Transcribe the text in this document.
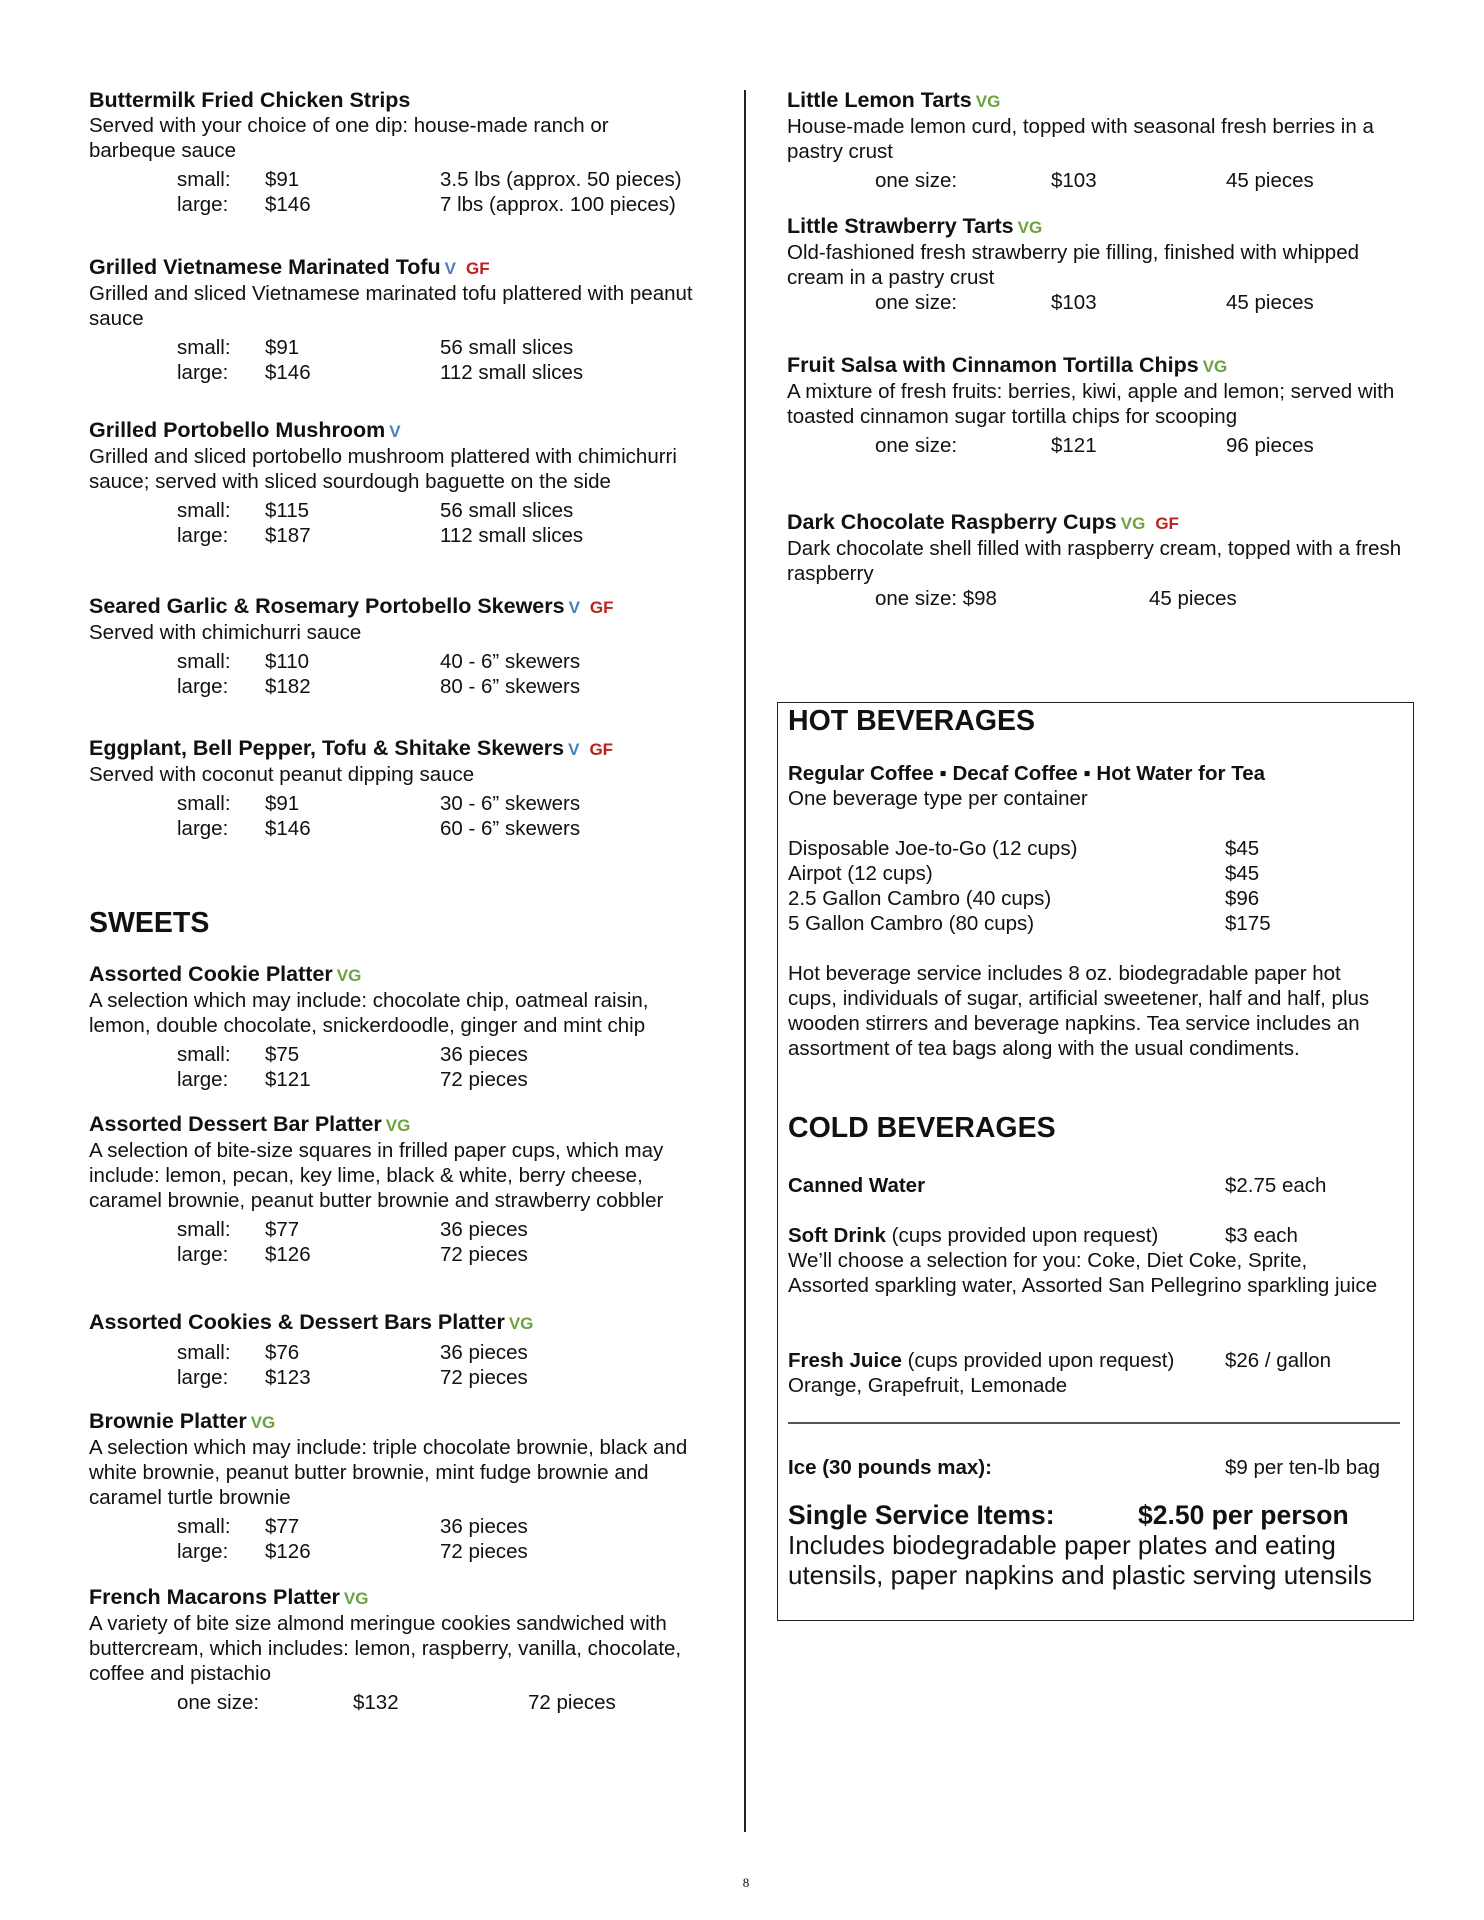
Buttermilk Fried Chicken Strips
Served with your choice of one dip: house-made ranch or barbeque sauce
small: $91	3.5 lbs (approx. 50 pieces)
large: $146	7 lbs (approx. 100 pieces)
Grilled Vietnamese Marinated Tofu V GF
Grilled and sliced Vietnamese marinated tofu plattered with peanut sauce
small: $91	56 small slices
large: $146	112 small slices
Grilled Portobello Mushroom V
Grilled and sliced portobello mushroom plattered with chimichurri sauce; served with sliced sourdough baguette on the side
small: $115	56 small slices
large: $187	112 small slices
Seared Garlic & Rosemary Portobello Skewers V GF
Served with chimichurri sauce
small: $110	40 - 6” skewers
large: $182	80 - 6” skewers
Eggplant, Bell Pepper, Tofu & Shitake Skewers V GF
Served with coconut peanut dipping sauce
small: $91	30 - 6” skewers
large: $146	60 - 6” skewers
SWEETS
Assorted Cookie Platter VG
A selection which may include: chocolate chip, oatmeal raisin, lemon, double chocolate, snickerdoodle, ginger and mint chip
small: $75	36 pieces
large: $121	72 pieces
Assorted Dessert Bar Platter VG
A selection of bite-size squares in frilled paper cups, which may include: lemon, pecan, key lime, black & white, berry cheese, caramel brownie, peanut butter brownie and strawberry cobbler
small: $77	36 pieces
large: $126	72 pieces
Assorted Cookies & Dessert Bars Platter VG
small: $76	36 pieces
large: $123	72 pieces
Brownie Platter VG
A selection which may include: triple chocolate brownie, black and white brownie, peanut butter brownie, mint fudge brownie and caramel turtle brownie
small: $77	36 pieces
large: $126	72 pieces
French Macarons Platter VG
A variety of bite size almond meringue cookies sandwiched with buttercream, which includes: lemon, raspberry, vanilla, chocolate, coffee and pistachio
one size:	$132	72 pieces
Little Lemon Tarts VG
House-made lemon curd, topped with seasonal fresh berries in a pastry crust
one size:	$103	45 pieces
Little Strawberry Tarts VG
Old-fashioned fresh strawberry pie filling, finished with whipped cream in a pastry crust
one size:	$103	45 pieces
Fruit Salsa with Cinnamon Tortilla Chips VG
A mixture of fresh fruits: berries, kiwi, apple and lemon; served with toasted cinnamon sugar tortilla chips for scooping
one size:	$121	96 pieces
Dark Chocolate Raspberry Cups VG GF
Dark chocolate shell filled with raspberry cream, topped with a fresh raspberry
one size: $98	45 pieces
HOT BEVERAGES
Regular Coffee ▪ Decaf Coffee ▪ Hot Water for Tea
One beverage type per container
Disposable Joe-to-Go (12 cups)	$45
Airpot (12 cups)	$45
2.5 Gallon Cambro (40 cups)	$96
5 Gallon Cambro (80 cups)	$175
Hot beverage service includes 8 oz. biodegradable paper hot cups, individuals of sugar, artificial sweetener, half and half, plus wooden stirrers and beverage napkins. Tea service includes an assortment of tea bags along with the usual condiments.
COLD BEVERAGES
Canned Water	$2.75 each
Soft Drink (cups provided upon request)	$3 each
We’ll choose a selection for you: Coke, Diet Coke, Sprite, Assorted sparkling water, Assorted San Pellegrino sparkling juice
Fresh Juice (cups provided upon request) $26 / gallon
Orange, Grapefruit, Lemonade
Ice (30 pounds max):	$9 per ten-lb bag
Single Service Items:	$2.50 per person
Includes biodegradable paper plates and eating utensils, paper napkins and plastic serving utensils
8
